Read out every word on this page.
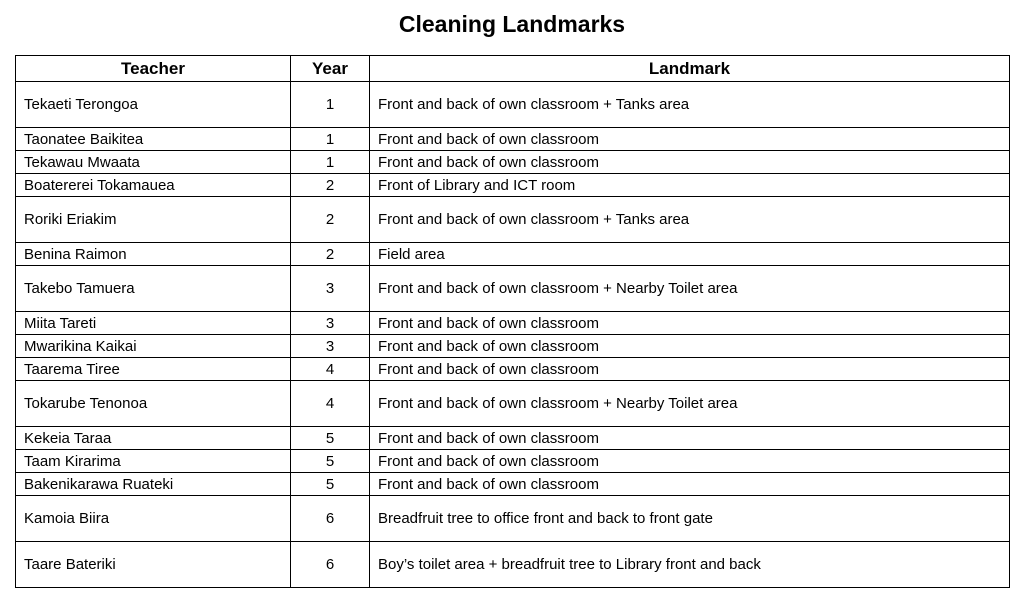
Cleaning Landmarks
Teacher	Year	Landmark
Tekaeti Terongoa	1	Front and back of own classroom + Tanks area
Taonatee Baikitea	1	Front and back of own classroom
Tekawau Mwaata	1	Front and back of own classroom
Boatererei Tokamauea	2	Front of Library and ICT room
Roriki Eriakim	2	Front and back of own classroom + Tanks area
Benina Raimon	2	Field area
Takebo Tamuera	3	Front and back of own classroom + Nearby Toilet area
Miita Tareti	3	Front and back of own classroom
Mwarikina Kaikai	3	Front and back of own classroom
Taarema Tiree	4	Front and back of own classroom
Tokarube Tenonoa	4	Front and back of own classroom + Nearby Toilet area
Kekeia Taraa	5	Front and back of own classroom
Taam Kirarima	5	Front and back of own classroom
Bakenikarawa Ruateki	5	Front and back of own classroom
Kamoia Biira	6	Breadfruit tree to office front and back to front gate
Taare Bateriki	6	Boy’s toilet area + breadfruit tree to Library front and back
